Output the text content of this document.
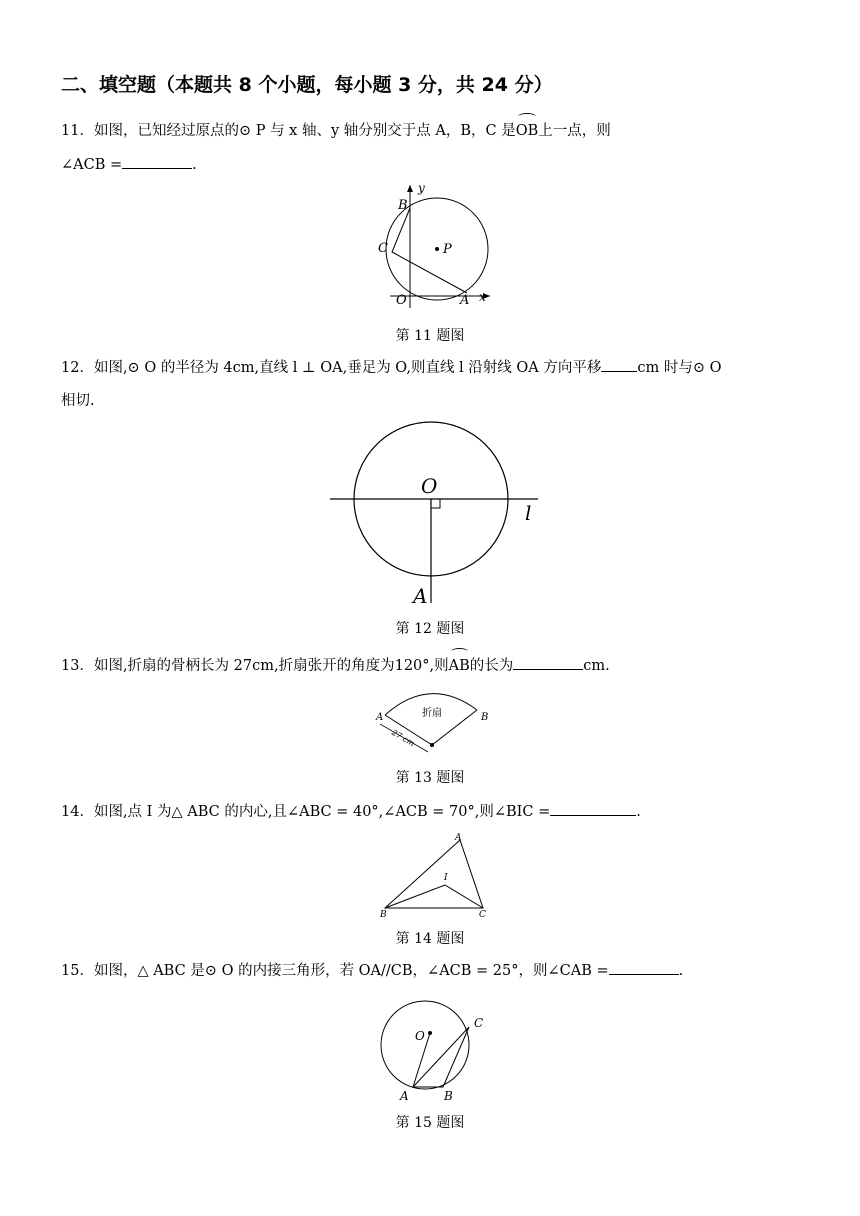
二、填空题（本题共 8 个小题，每小题 3 分，共 24 分）
11．如图，已知经过原点的⊙ P 与 x 轴、y 轴分别交于点 A，B，C 是OB上一点，则
∠ACB =	.
B
C	P
O	A x
y
第 11 题图
12．如图,⊙ O 的半径为 4cm,直线 l ⊥ OA,垂足为 O,则直线 l 沿射线 OA 方向平移 cm 时与⊙ O
相切.
O
l
A
第 12 题图
13．如图,折扇的骨柄长为 27cm,折扇张开的角度为120°,则AB的长为	cm.
A	B
折扇
27 cm
第 13 题图
14．如图,点 I 为△ ABC 的内心,且∠ABC = 40°,∠ACB = 70°,则∠BIC =	.
A
B	C
I
第 14 题图
15．如图，△ ABC 是⊙ O 的内接三角形，若 OA//CB，∠ACB = 25°，则∠CAB =	.
O
C
A	B
第 15 题图
